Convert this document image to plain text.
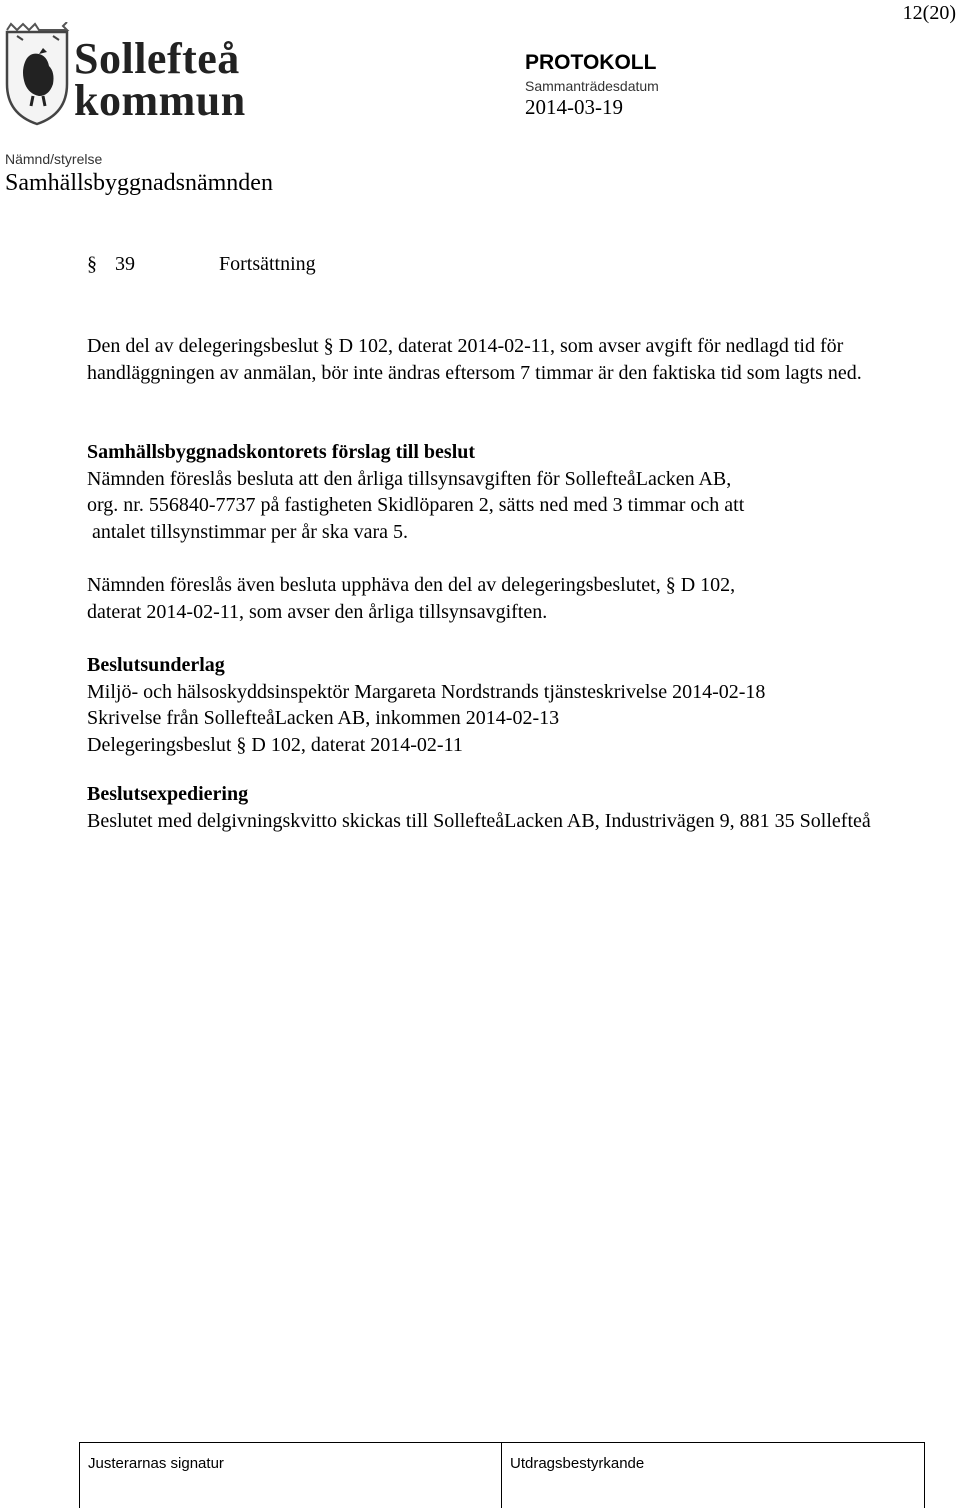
12(20)
Sollefteå
kommun
PROTOKOLL
Sammanträdesdatum
2014-03-19
Nämnd/styrelse
Samhällsbyggnadsnämnden
§ 39	Fortsättning

Den del av delegeringsbeslut § D 102, daterat 2014-02-11, som avser avgift för nedlagd tid för handläggningen av anmälan, bör inte ändras eftersom 7 timmar är den faktiska tid som lagts ned.

Samhällsbyggnadskontorets förslag till beslut

Nämnden föreslås besluta att den årliga tillsynsavgiften för SollefteåLacken AB,

org. nr. 556840-7737 på fastigheten Skidlöparen 2, sätts ned med 3 timmar och att

antalet tillsynstimmar per år ska vara 5.

Nämnden föreslås även besluta upphäva den del av delegeringsbeslutet, § D 102,

daterat 2014-02-11, som avser den årliga tillsynsavgiften.

Beslutsunderlag

Miljö- och hälsoskyddsinspektör Margareta Nordstrands tjänsteskrivelse 2014-02-18

Skrivelse från SollefteåLacken AB, inkommen 2014-02-13

Delegeringsbeslut § D 102, daterat 2014-02-11

Beslutsexpediering

Beslutet med delgivningskvitto skickas till SollefteåLacken AB, Industrivägen 9, 881 35 Sollefteå

Justerarnas signatur	Utdragsbestyrkande
